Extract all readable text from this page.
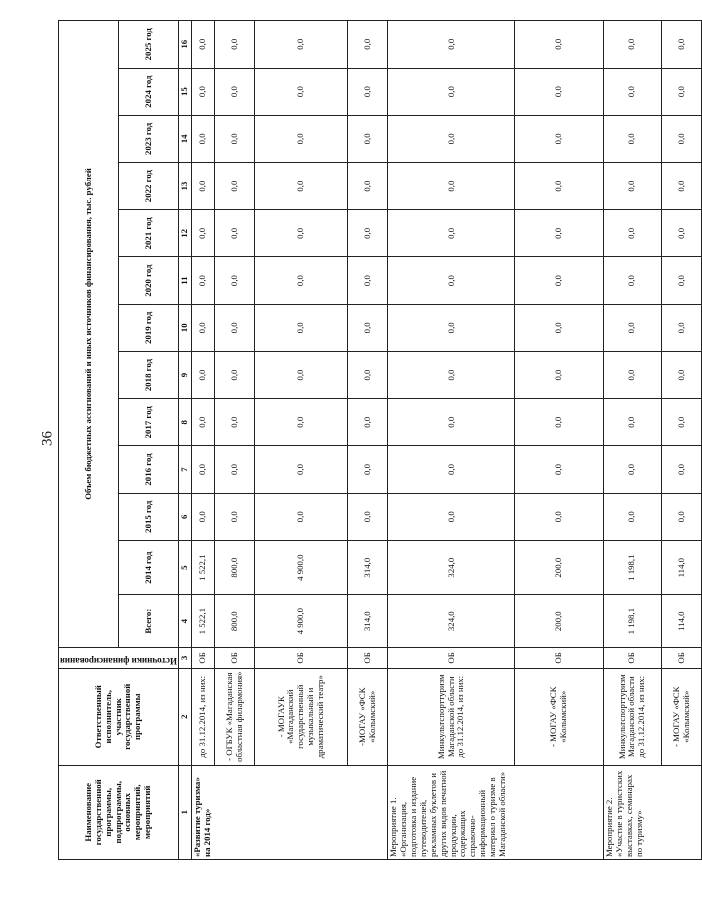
36
Наименование государственной программы, подпрограммы, основных мероприятий, мероприятий	Ответственный исполнитель, участник государственной программы	Источники финансирования	Объем бюджетных ассигнований и иных источников финансирования, тыс. рублей												
			Всего:	2014 год	2015 год	2016 год	2017 год	2018 год	2019 год	2020 год	2021 год	2022 год	2023 год	2024 год	2025 год
1	2	3	4	5	6	7	8	9	10	11	12	13	14	15	16
«Развитие туризма» на 2014 год»	до 31.12.2014, из них:	ОБ	1 522,1	1 522,1	0,0	0,0	0,0	0,0	0,0	0,0	0,0	0,0	0,0	0,0	0,0
	- ОГБУК «Магаданская областная филармония»	ОБ	800,0	800,0	0,0	0,0	0,0	0,0	0,0	0,0	0,0	0,0	0,0	0,0	0,0
	- МОГАУК «Магаданский государственный музыкальный и драматический театр»	ОБ	4 900,0	4 900,0	0,0	0,0	0,0	0,0	0,0	0,0	0,0	0,0	0,0	0,0	0,0
	-МОГАУ «ФСК «Колымский»	ОБ	314,0	314,0	0,0	0,0	0,0	0,0	0,0	0,0	0,0	0,0	0,0	0,0	0,0
Мероприятие 1. «Организация, подготовка и издание путеводителей, рекламных буклетов и других видов печатной продукции, содержащих справочно-информационный материал о туризме в Магаданской области»	Минкультспорттуризм Магаданской области до 31.12.2014, из них:	ОБ	324,0	324,0	0,0	0,0	0,0	0,0	0,0	0,0	0,0	0,0	0,0	0,0	0,0
	- МОГАУ «ФСК «Колымский»	ОБ	200,0	200,0	0,0	0,0	0,0	0,0	0,0	0,0	0,0	0,0	0,0	0,0	0,0
Мероприятие 2. «Участие в туристских выставках, семинарах по туризму»	Минкультспорттуризм Магаданской области до 31.12.2014, из них:	ОБ	1 198,1	1 198,1	0,0	0,0	0,0	0,0	0,0	0,0	0,0	0,0	0,0	0,0	0,0
	- МОГАУ «ФСК «Колымский»	ОБ	114,0	114,0	0,0	0,0	0,0	0,0	0,0	0,0	0,0	0,0	0,0	0,0	0,0
